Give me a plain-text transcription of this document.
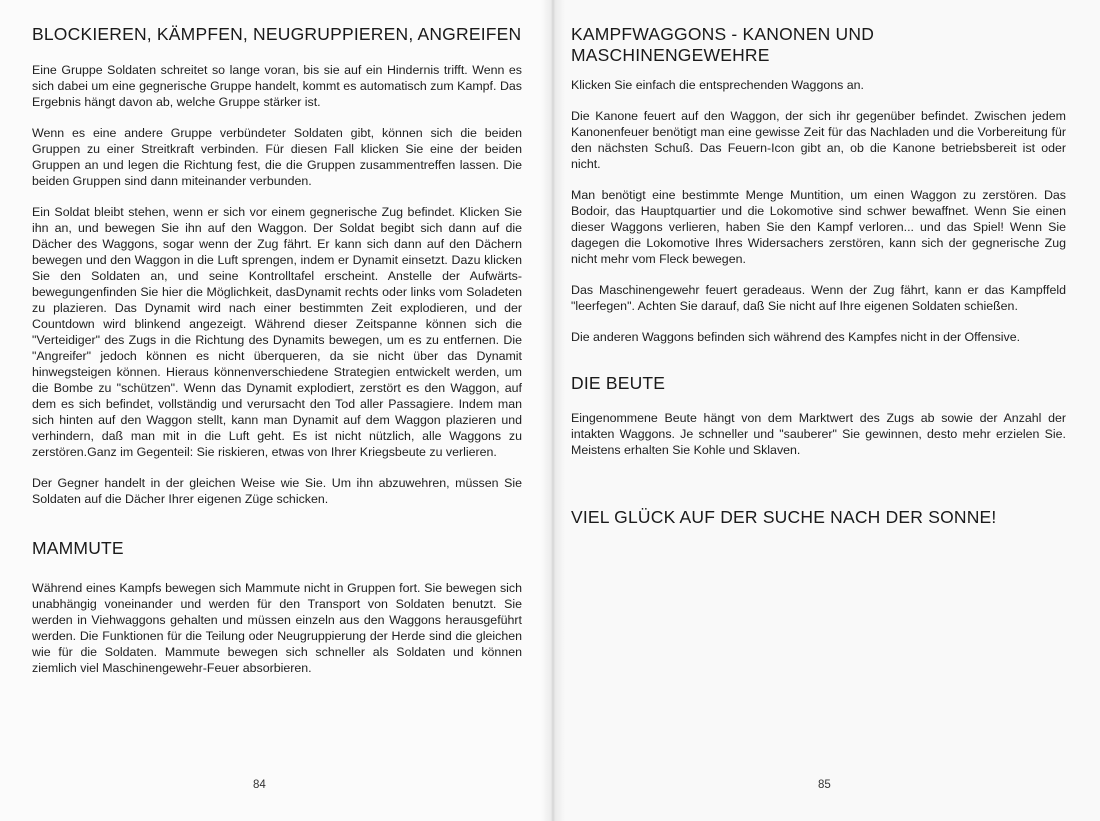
BLOCKIEREN, KÄMPFEN, NEUGRUPPIEREN, ANGREIFEN

Eine Gruppe Soldaten schreitet so lange voran, bis sie auf ein Hindernis trifft. Wenn es sich dabei um eine gegnerische Gruppe handelt, kommt es automatisch zum Kampf. Das Ergebnis hängt davon ab, welche Gruppe stärker ist.

Wenn es eine andere Gruppe verbündeter Soldaten gibt, können sich die beiden Gruppen zu einer Streitkraft verbinden. Für diesen Fall klicken Sie eine der beiden Gruppen an und legen die Richtung fest, die die Gruppen zusammentreffen lassen. Die beiden Gruppen sind dann miteinander verbunden.

Ein Soldat bleibt stehen, wenn er sich vor einem gegnerische Zug befindet. Klicken Sie ihn an, und bewegen Sie ihn auf den Waggon. Der Soldat begibt sich dann auf die Dächer des Waggons, sogar wenn der Zug fährt. Er kann sich dann auf den Dächern bewegen und den Waggon in die Luft sprengen, indem er Dynamit einsetzt. Dazu klicken Sie den Soldaten an, und seine Kontrolltafel erscheint. Anstelle der Aufwärts-bewegungenfinden Sie hier die Möglichkeit, dasDynamit rechts oder links vom Soladeten zu plazieren. Das Dynamit wird nach einer bestimmten Zeit explodieren, und der Countdown wird blinkend angezeigt. Während dieser Zeitspanne können sich die "Verteidiger" des Zugs in die Richtung des Dynamits bewegen, um es zu entfernen. Die "Angreifer" jedoch können es nicht überqueren, da sie nicht über das Dynamit hinwegsteigen können. Hieraus könnenverschiedene Strategien entwickelt werden, um die Bombe zu "schützen". Wenn das Dynamit explodiert, zerstört es den Waggon, auf dem es sich befindet, vollständig und verursacht den Tod aller Passagiere. Indem man sich hinten auf den Waggon stellt, kann man Dynamit auf dem Waggon plazieren und verhindern, daß man mit in die Luft geht. Es ist nicht nützlich, alle Waggons zu zerstören.Ganz im Gegenteil: Sie riskieren, etwas von Ihrer Kriegsbeute zu verlieren.

Der Gegner handelt in der gleichen Weise wie Sie. Um ihn abzuwehren, müssen Sie Soldaten auf die Dächer Ihrer eigenen Züge schicken.

MAMMUTE

Während eines Kampfs bewegen sich Mammute nicht in Gruppen fort. Sie bewegen sich unabhängig voneinander und werden für den Transport von Soldaten benutzt. Sie werden in Viehwaggons gehalten und müssen einzeln aus den Waggons herausgeführt werden. Die Funktionen für die Teilung oder Neugruppierung der Herde sind die gleichen wie für die Soldaten. Mammute bewegen sich schneller als Soldaten und können ziemlich viel Maschinengewehr-Feuer absorbieren.

84
KAMPFWAGGONS - KANONEN UND
MASCHINENGEWEHRE

Klicken Sie einfach die entsprechenden Waggons an.

Die Kanone feuert auf den Waggon, der sich ihr gegenüber befindet. Zwischen jedem Kanonenfeuer benötigt man eine gewisse Zeit für das Nachladen und die Vorbereitung für den nächsten Schuß. Das Feuern-Icon gibt an, ob die Kanone betriebsbereit ist oder nicht.

Man benötigt eine bestimmte Menge Muntition, um einen Waggon zu zerstören. Das Bodoir, das Hauptquartier und die Lokomotive sind schwer bewaffnet. Wenn Sie einen dieser Waggons verlieren, haben Sie den Kampf verloren... und das Spiel! Wenn Sie dagegen die Lokomotive Ihres Widersachers zerstören, kann sich der gegnerische Zug nicht mehr vom Fleck bewegen.

Das Maschinengewehr feuert geradeaus. Wenn der Zug fährt, kann er das Kampffeld "leerfegen". Achten Sie darauf, daß Sie nicht auf Ihre eigenen Soldaten schießen.

Die anderen Waggons befinden sich während des Kampfes nicht in der Offensive.

DIE BEUTE

Eingenommene Beute hängt von dem Marktwert des Zugs ab sowie der Anzahl der intakten Waggons. Je schneller und "sauberer" Sie gewinnen, desto mehr erzielen Sie. Meistens erhalten Sie Kohle und Sklaven.

VIEL GLÜCK AUF DER SUCHE NACH DER SONNE!
85
